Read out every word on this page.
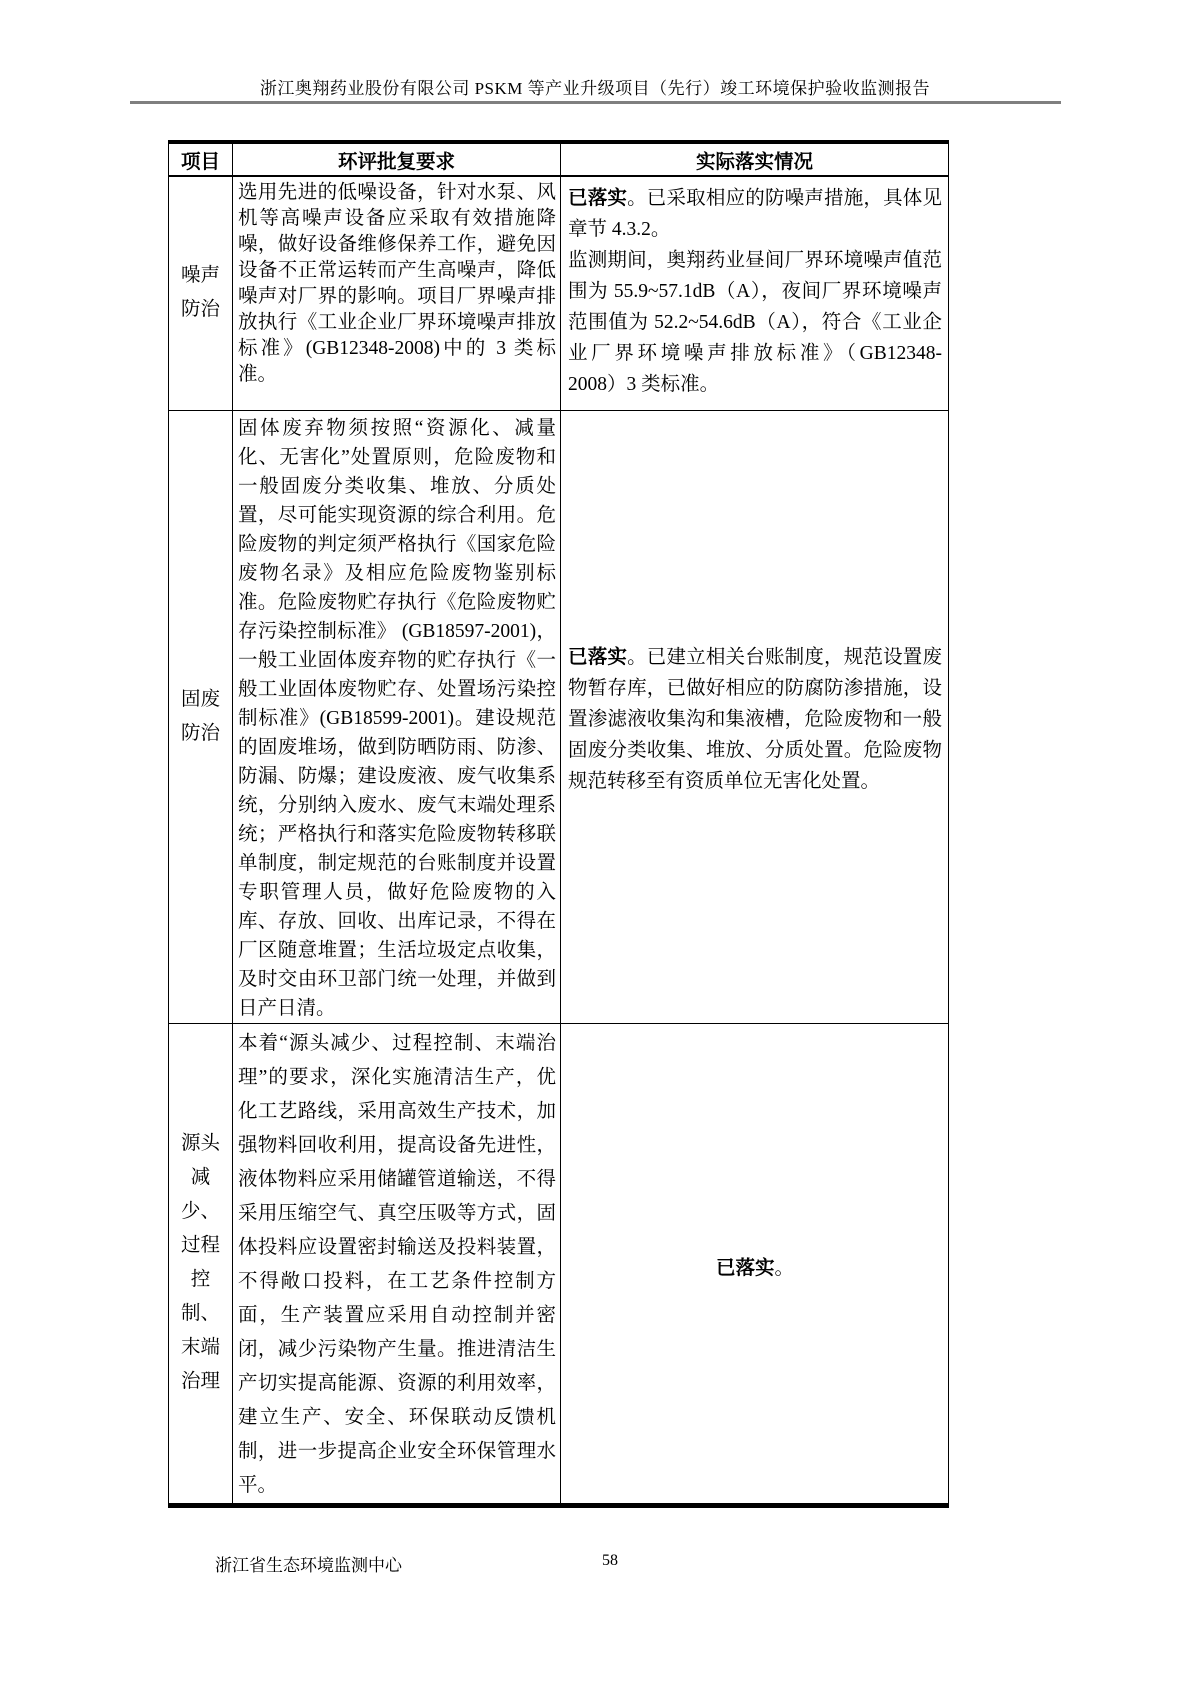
浙江奥翔药业股份有限公司 PSKM 等产业升级项目（先行）竣工环境保护验收监测报告
项目	环评批复要求	实际落实情况
噪声防治	选用先进的低噪设备，针对水泵、风机等高噪声设备应采取有效措施降噪，做好设备维修保养工作，避免因设备不正常运转而产生高噪声，降低噪声对厂界的影响。项目厂界噪声排放执行《工业企业厂界环境噪声排放标准》(GB12348-2008)中的 3 类标准。	已落实。已采取相应的防噪声措施，具体见章节 4.3.2。

监测期间，奥翔药业昼间厂界环境噪声值范围为 55.9~57.1dB（A），夜间厂界环境噪声范围值为 52.2~54.6dB（A），符合《工业企业厂界环境噪声排放标准》（GB12348-2008）3 类标准。

固废防治	固体废弃物须按照“资源化、减量化、无害化”处置原则，危险废物和一般固废分类收集、堆放、分质处置，尽可能实现资源的综合利用。危险废物的判定须严格执行《国家危险废物名录》及相应危险废物鉴别标准。危险废物贮存执行《危险废物贮存污染控制标准》 (GB18597-2001)，一般工业固体废弃物的贮存执行《一般工业固体废物贮存、处置场污染控制标准》(GB18599-2001)。建设规范的固废堆场，做到防晒防雨、防渗、防漏、防爆；建设废液、废气收集系统，分别纳入废水、废气末端处理系统；严格执行和落实危险废物转移联单制度，制定规范的台账制度并设置专职管理人员，做好危险废物的入库、存放、回收、出库记录，不得在厂区随意堆置；生活垃圾定点收集，及时交由环卫部门统一处理，并做到日产日清。	已落实。已建立相关台账制度，规范设置废物暂存库，已做好相应的防腐防渗措施，设置渗滤液收集沟和集液槽，危险废物和一般固废分类收集、堆放、分质处置。危险废物规范转移至有资质单位无害化处置。

源头减少、过程控制、末端治理	本着“源头减少、过程控制、末端治理”的要求，深化实施清洁生产，优化工艺路线，采用高效生产技术，加强物料回收利用，提高设备先进性，液体物料应采用储罐管道输送，不得采用压缩空气、真空压吸等方式，固体投料应设置密封输送及投料装置，不得敞口投料，在工艺条件控制方面，生产装置应采用自动控制并密闭，减少污染物产生量。推进清洁生产切实提高能源、资源的利用效率，建立生产、安全、环保联动反馈机制，进一步提高企业安全环保管理水平。	已落实。

浙江省生态环境监测中心	58
